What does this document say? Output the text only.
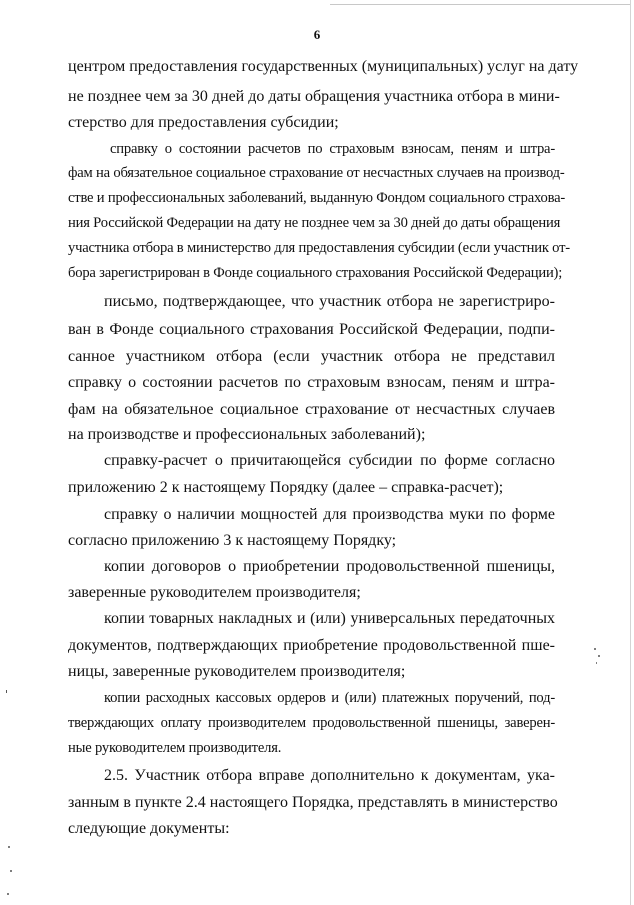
6
центром предоставления государственных (муниципальных) услуг на дату
не позднее чем за 30 дней до даты обращения участника отбора в мини-
стерство для предоставления субсидии;
справку о состоянии расчетов по страховым взносам, пеням и штра-
фам на обязательное социальное страхование от несчастных случаев на производ-
стве и профессиональных заболеваний, выданную Фондом социального страхова-
ния Российской Федерации на дату не позднее чем за 30 дней до даты обращения
участника отбора в министерство для предоставления субсидии (если участник от-
бора зарегистрирован в Фонде социального страхования Российской Федерации);
письмо, подтверждающее, что участник отбора не зарегистриро-
ван в Фонде социального страхования Российской Федерации, подпи-
санное участником отбора (если участник отбора не представил
справку о состоянии расчетов по страховым взносам, пеням и штра-
фам на обязательное социальное страхование от несчастных случаев
на производстве и профессиональных заболеваний);
справку-расчет о причитающейся субсидии по форме согласно
приложению 2 к настоящему Порядку (далее – справка-расчет);
справку о наличии мощностей для производства муки по форме
согласно приложению 3 к настоящему Порядку;
копии договоров о приобретении продовольственной пшеницы,
заверенные руководителем производителя;
копии товарных накладных и (или) универсальных передаточных
документов, подтверждающих приобретение продовольственной пше-
ницы, заверенные руководителем производителя;
копии расходных кассовых ордеров и (или) платежных поручений, под-
тверждающих оплату производителем продовольственной пшеницы, заверен-
ные руководителем производителя.
2.5. Участник отбора вправе дополнительно к документам, ука-
занным в пункте 2.4 настоящего Порядка, представлять в министерство
следующие документы:
